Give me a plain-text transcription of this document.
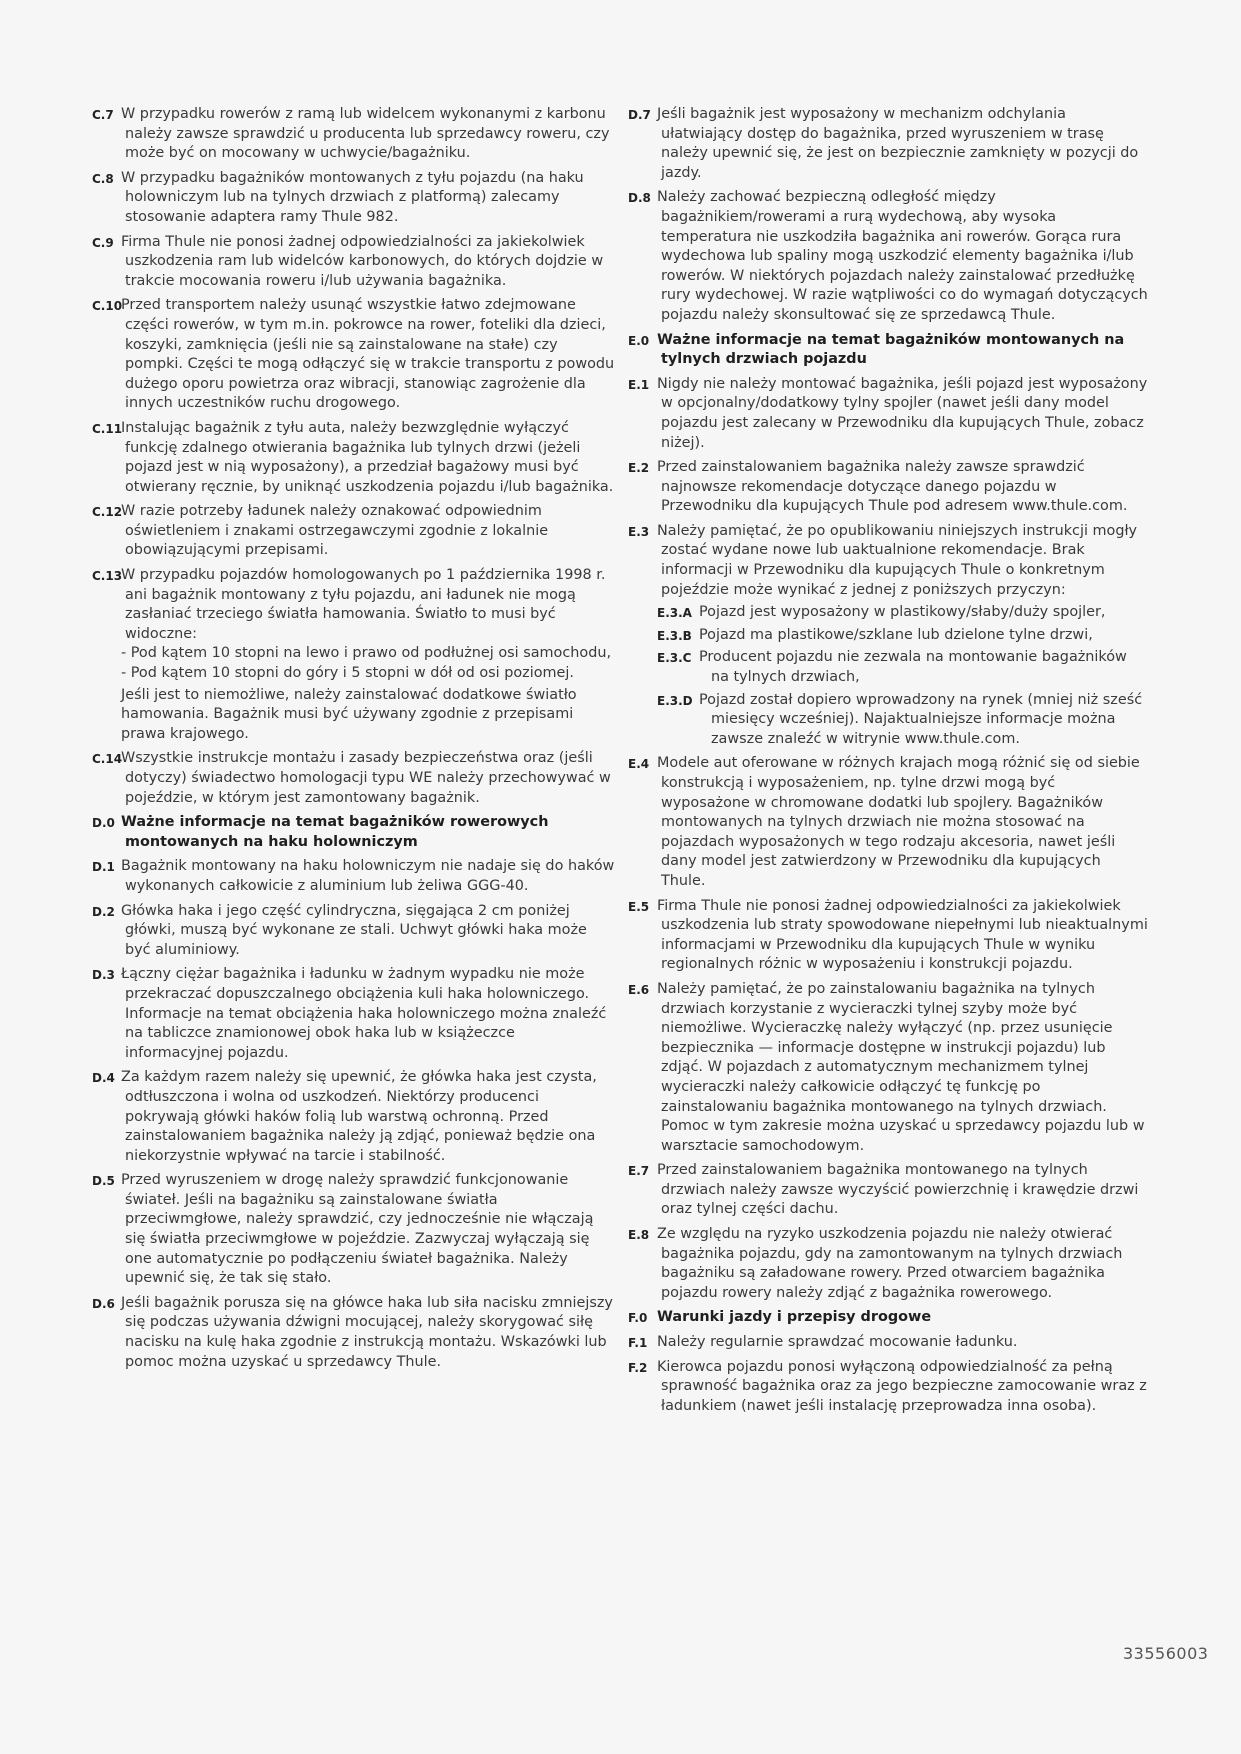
C.7 W przypadku rowerów z ramą lub widelcem wykonanymi z karbonu należy zawsze sprawdzić u producenta lub sprzedawcy roweru, czy może być on mocowany w uchwycie/bagażniku.
C.8 W przypadku bagażników montowanych z tyłu pojazdu (na haku holowniczym lub na tylnych drzwiach z platformą) zalecamy stosowanie adaptera ramy Thule 982.
C.9 Firma Thule nie ponosi żadnej odpowiedzialności za jakiekolwiek uszkodzenia ram lub widelców karbonowych, do których dojdzie w trakcie mocowania roweru i/lub używania bagażnika.
C.10
Przed transportem należy usunąć wszystkie łatwo zdejmowane części rowerów, w tym m.in. pokrowce na rower, foteliki dla dzieci, koszyki, zamknięcia (jeśli nie są zainstalowane na stałe) czy pompki. Części te mogą odłączyć się w trakcie transportu z powodu dużego oporu powietrza oraz wibracji, stanowiąc zagrożenie dla innych uczestników ruchu drogowego.
C.11
Instalując bagażnik z tyłu auta, należy bezwzględnie wyłączyć funkcję zdalnego otwierania bagażnika lub tylnych drzwi (jeżeli pojazd jest w nią wyposażony), a przedział bagażowy musi być otwierany ręcznie, by uniknąć uszkodzenia pojazdu i/lub bagażnika.
C.12
W razie potrzeby ładunek należy oznakować odpowiednim oświetleniem i znakami ostrzegawczymi zgodnie z lokalnie obowiązującymi przepisami.
C.13
W przypadku pojazdów homologowanych po 1 października 1998 r. ani bagażnik montowany z tyłu pojazdu, ani ładunek nie mogą zasłaniać trzeciego światła hamowania. Światło to musi być widoczne:
- Pod kątem 10 stopni na lewo i prawo od podłużnej osi samochodu,
- Pod kątem 10 stopni do góry i 5 stopni w dół od osi poziomej.
Jeśli jest to niemożliwe, należy zainstalować dodatkowe światło hamowania. Bagażnik musi być używany zgodnie z przepisami prawa krajowego.
C.14
Wszystkie instrukcje montażu i zasady bezpieczeństwa oraz (jeśli dotyczy) świadectwo homologacji typu WE należy przechowywać w pojeździe, w którym jest zamontowany bagażnik.
D.0 Ważne informacje na temat bagażników rowerowych montowanych na haku holowniczym
D.1 Bagażnik montowany na haku holowniczym nie nadaje się do haków wykonanych całkowicie z aluminium lub żeliwa GGG-40.
D.2 Główka haka i jego część cylindryczna, sięgająca 2 cm poniżej główki, muszą być wykonane ze stali. Uchwyt główki haka może być aluminiowy.
D.3 Łączny ciężar bagażnika i ładunku w żadnym wypadku nie może przekraczać dopuszczalnego obciążenia kuli haka holowniczego. Informacje na temat obciążenia haka holowniczego można znaleźć na tabliczce znamionowej obok haka lub w książeczce informacyjnej pojazdu.
D.4 Za każdym razem należy się upewnić, że główka haka jest czysta, odtłuszczona i wolna od uszkodzeń. Niektórzy producenci pokrywają główki haków folią lub warstwą ochronną. Przed zainstalowaniem bagażnika należy ją zdjąć, ponieważ będzie ona niekorzystnie wpływać na tarcie i stabilność.
D.5 Przed wyruszeniem w drogę należy sprawdzić funkcjonowanie świateł. Jeśli na bagażniku są zainstalowane światła przeciwmgłowe, należy sprawdzić, czy jednocześnie nie włączają się światła przeciwmgłowe w pojeździe. Zazwyczaj wyłączają się one automatycznie po podłączeniu świateł bagażnika. Należy upewnić się, że tak się stało.
D.6 Jeśli bagażnik porusza się na główce haka lub siła nacisku zmniejszy się podczas używania dźwigni mocującej, należy skorygować siłę nacisku na kulę haka zgodnie z instrukcją montażu. Wskazówki lub pomoc można uzyskać u sprzedawcy Thule.
D.7 Jeśli bagażnik jest wyposażony w mechanizm odchylania ułatwiający dostęp do bagażnika, przed wyruszeniem w trasę należy upewnić się, że jest on bezpiecznie zamknięty w pozycji do jazdy.
D.8 Należy zachować bezpieczną odległość między bagażnikiem/rowerami a rurą wydechową, aby wysoka temperatura nie uszkodziła bagażnika ani rowerów. Gorąca rura wydechowa lub spaliny mogą uszkodzić elementy bagażnika i/lub rowerów. W niektórych pojazdach należy zainstalować przedłużkę rury wydechowej. W razie wątpliwości co do wymagań dotyczących pojazdu należy skonsultować się ze sprzedawcą Thule.
E.0 Ważne informacje na temat bagażników montowanych na tylnych drzwiach pojazdu
E.1 Nigdy nie należy montować bagażnika, jeśli pojazd jest wyposażony w opcjonalny/dodatkowy tylny spojler (nawet jeśli dany model pojazdu jest zalecany w Przewodniku dla kupujących Thule, zobacz niżej).
E.2 Przed zainstalowaniem bagażnika należy zawsze sprawdzić najnowsze rekomendacje dotyczące danego pojazdu w Przewodniku dla kupujących Thule pod adresem www.thule.com.
E.3 Należy pamiętać, że po opublikowaniu niniejszych instrukcji mogły zostać wydane nowe lub uaktualnione rekomendacje. Brak informacji w Przewodniku dla kupujących Thule o konkretnym pojeździe może wynikać z jednej z poniższych przyczyn:
E.3.A Pojazd jest wyposażony w plastikowy/słaby/duży spojler,
E.3.B Pojazd ma plastikowe/szklane lub dzielone tylne drzwi,
E.3.C Producent pojazdu nie zezwala na montowanie bagażników na tylnych drzwiach,
E.3.D Pojazd został dopiero wprowadzony na rynek (mniej niż sześć miesięcy wcześniej). Najaktualniejsze informacje można zawsze znaleźć w witrynie www.thule.com.
E.4 Modele aut oferowane w różnych krajach mogą różnić się od siebie konstrukcją i wyposażeniem, np. tylne drzwi mogą być wyposażone w chromowane dodatki lub spojlery. Bagażników montowanych na tylnych drzwiach nie można stosować na pojazdach wyposażonych w tego rodzaju akcesoria, nawet jeśli dany model jest zatwierdzony w Przewodniku dla kupujących Thule.
E.5 Firma Thule nie ponosi żadnej odpowiedzialności za jakiekolwiek uszkodzenia lub straty spowodowane niepełnymi lub nieaktualnymi informacjami w Przewodniku dla kupujących Thule w wyniku regionalnych różnic w wyposażeniu i konstrukcji pojazdu.
E.6 Należy pamiętać, że po zainstalowaniu bagażnika na tylnych drzwiach korzystanie z wycieraczki tylnej szyby może być niemożliwe. Wycieraczkę należy wyłączyć (np. przez usunięcie bezpiecznika — informacje dostępne w instrukcji pojazdu) lub zdjąć. W pojazdach z automatycznym mechanizmem tylnej wycieraczki należy całkowicie odłączyć tę funkcję po zainstalowaniu bagażnika montowanego na tylnych drzwiach. Pomoc w tym zakresie można uzyskać u sprzedawcy pojazdu lub w warsztacie samochodowym.
E.7 Przed zainstalowaniem bagażnika montowanego na tylnych drzwiach należy zawsze wyczyścić powierzchnię i krawędzie drzwi oraz tylnej części dachu.
E.8 Ze względu na ryzyko uszkodzenia pojazdu nie należy otwierać bagażnika pojazdu, gdy na zamontowanym na tylnych drzwiach bagażniku są załadowane rowery. Przed otwarciem bagażnika pojazdu rowery należy zdjąć z bagażnika rowerowego.
F.0 Warunki jazdy i przepisy drogowe
F.1 Należy regularnie sprawdzać mocowanie ładunku.
F.2 Kierowca pojazdu ponosi wyłączoną odpowiedzialność za pełną sprawność bagażnika oraz za jego bezpieczne zamocowanie wraz z ładunkiem (nawet jeśli instalację przeprowadza inna osoba).
33556003
